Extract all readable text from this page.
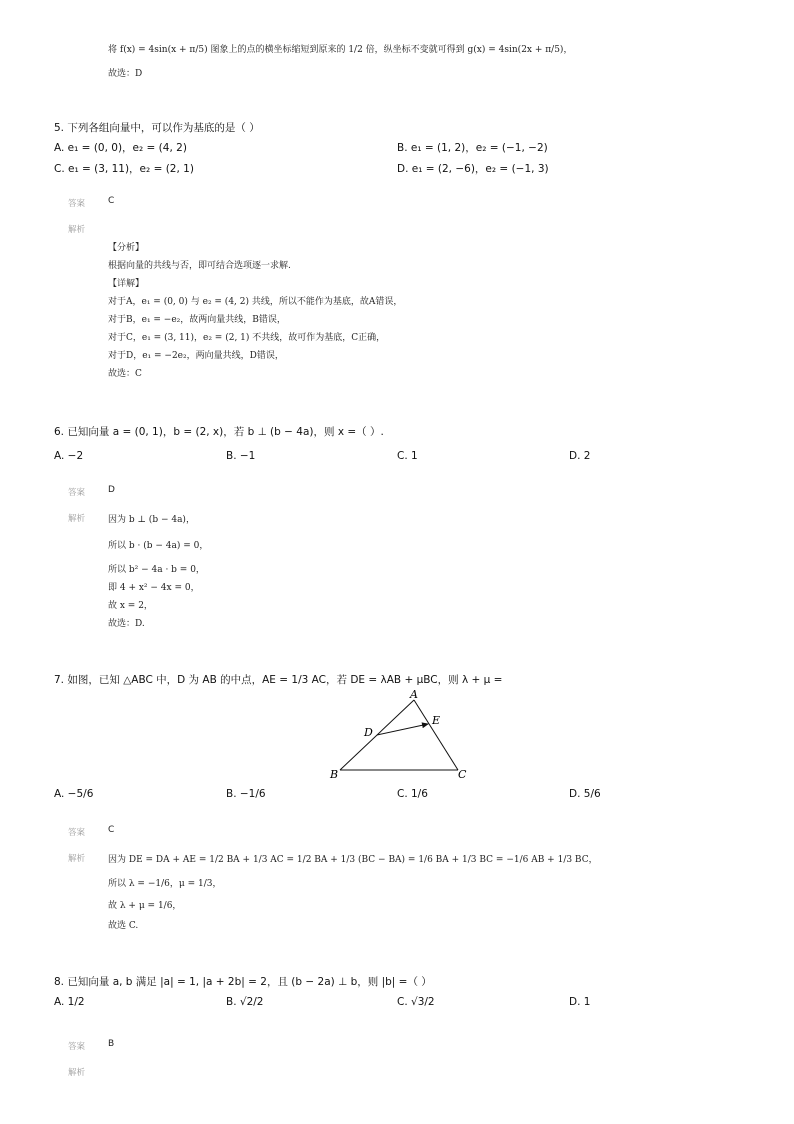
将 f(x) = 4sin(x + π/5) 图象上的点的横坐标缩短到原来的 1/2 倍，纵坐标不变就可得到 g(x) = 4sin(2x + π/5)，
故选：D
5. 下列各组向量中，可以作为基底的是（ ）
A. e₁ = (0, 0)，e₂ = (4, 2)	B. e₁ = (1, 2)，e₂ = (−1, −2)
C. e₁ = (3, 11)，e₂ = (2, 1)	D. e₁ = (2, −6)，e₂ = (−1, 3)
答案	C
解析
【分析】
根据向量的共线与否，即可结合选项逐一求解.
【详解】
对于A，e₁ = (0, 0) 与 e₂ = (4, 2) 共线，所以不能作为基底，故A错误，
对于B，e₁ = −e₂，故两向量共线，B错误，
对于C，e₁ = (3, 11)，e₂ = (2, 1) 不共线，故可作为基底，C正确，
对于D，e₁ = −2e₂，两向量共线，D错误，
故选：C
6. 已知向量 a = (0, 1)，b = (2, x)，若 b ⊥ (b − 4a)，则 x =（ ）.
A. −2	B. −1	C. 1	D. 2
答案	D
解析	因为 b ⊥ (b − 4a)，
所以 b · (b − 4a) = 0，
所以 b² − 4a · b = 0，
即 4 + x² − 4x = 0，
故 x = 2，
故选：D.
7. 如图，已知 △ABC 中，D 为 AB 的中点，AE = 1/3 AC，若 DE = λAB + μBC，则 λ + μ =
A
B	C
D
E
A. −5/6	B. −1/6	C. 1/6	D. 5/6
答案	C
解析	因为 DE = DA + AE = 1/2 BA + 1/3 AC = 1/2 BA + 1/3 (BC − BA) = 1/6 BA + 1/3 BC = −1/6 AB + 1/3 BC，
所以 λ = −1/6，μ = 1/3，
故 λ + μ = 1/6，
故选 C.
8. 已知向量 a, b 满足 |a| = 1, |a + 2b| = 2，且 (b − 2a) ⊥ b，则 |b| =（ ）
A. 1/2	B. √2/2	C. √3/2	D. 1
答案	B
解析
